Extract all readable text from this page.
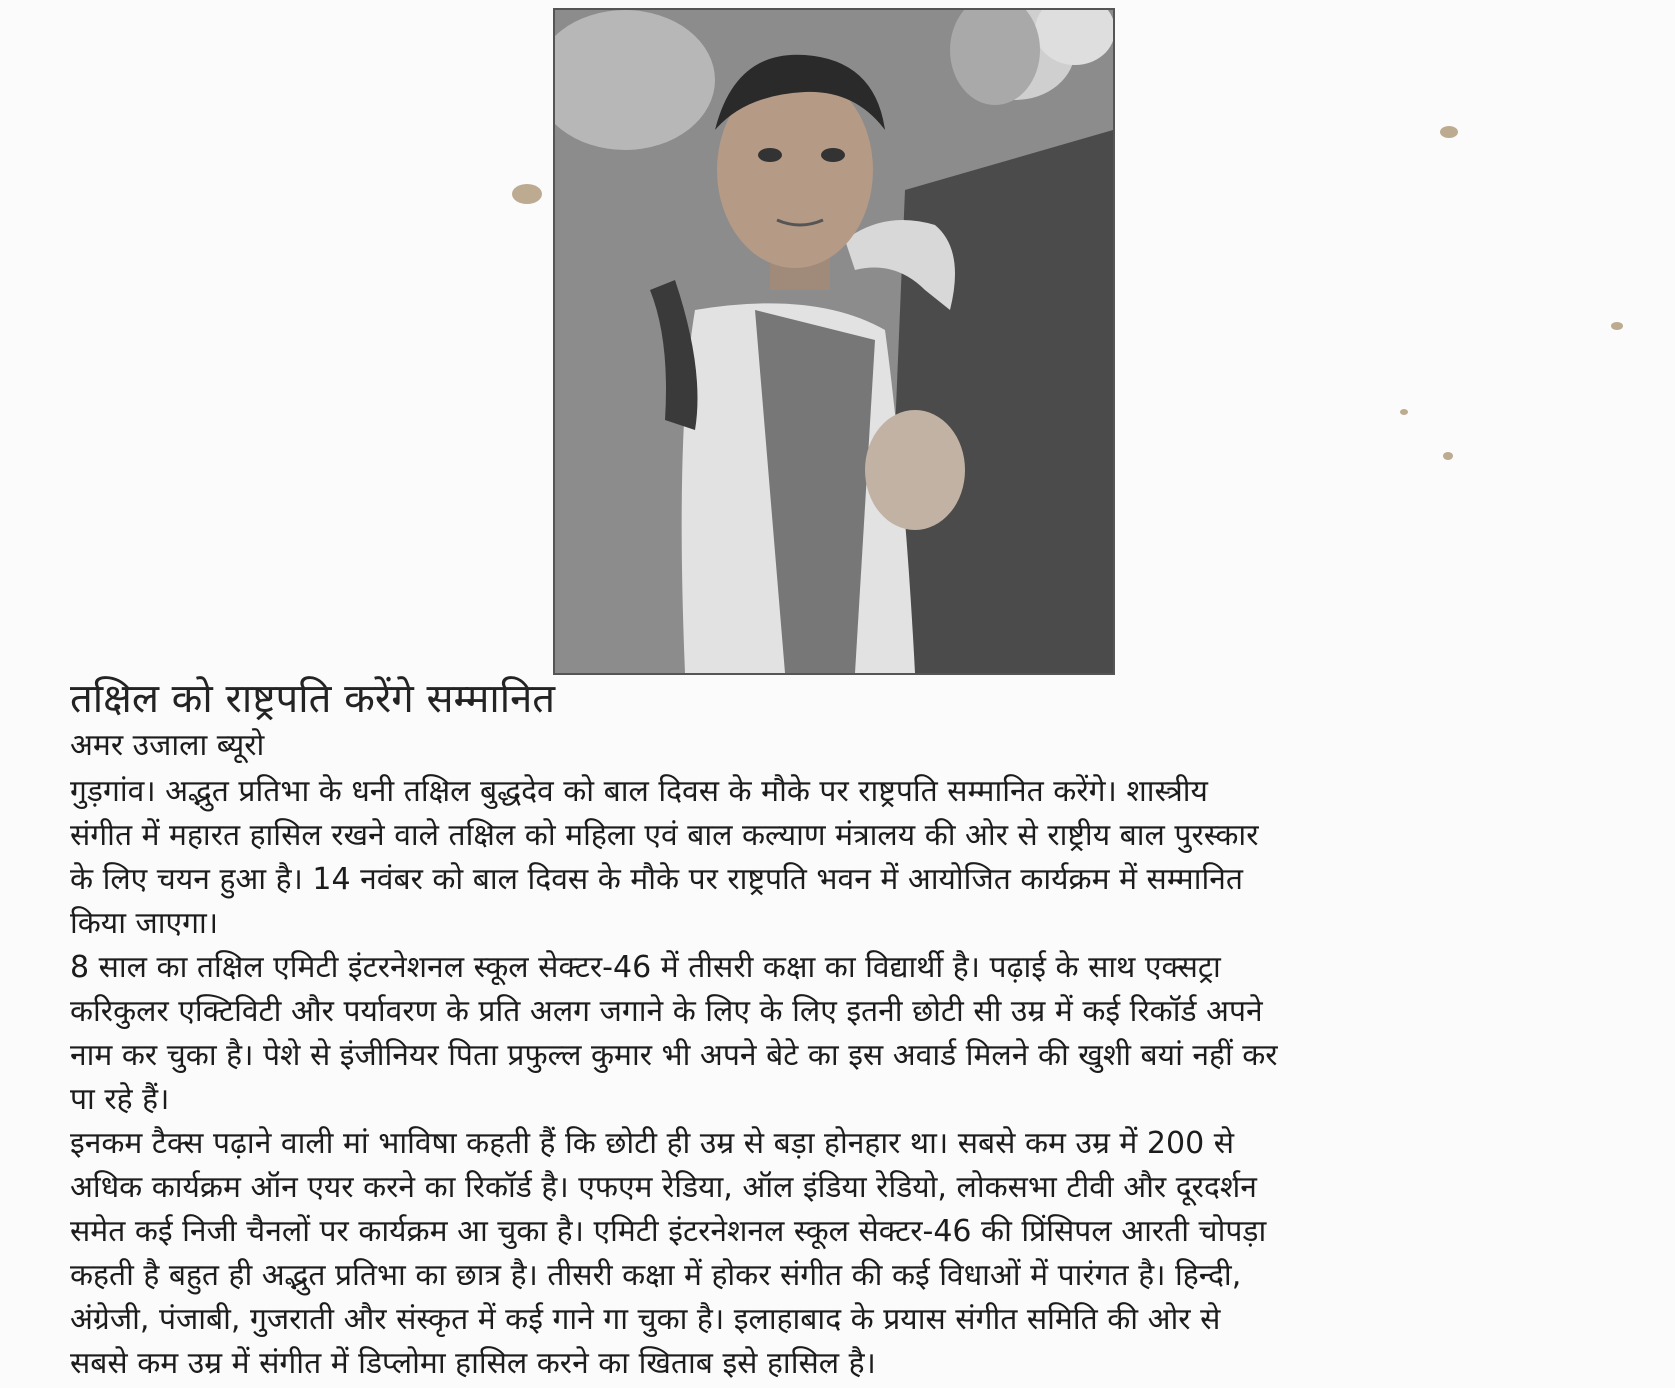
तक्षिल को राष्ट्रपति करेंगे सम्मानित
अमर उजाला ब्यूरो
गुड़गांव। अद्भुत प्रतिभा के धनी तक्षिल बुद्धदेव को बाल दिवस के मौके पर राष्ट्रपति सम्मानित करेंगे। शास्त्रीय
संगीत में महारत हासिल रखने वाले तक्षिल को महिला एवं बाल कल्याण मंत्रालय की ओर से राष्ट्रीय बाल पुरस्कार
के लिए चयन हुआ है। 14 नवंबर को बाल दिवस के मौके पर राष्ट्रपति भवन में आयोजित कार्यक्रम में सम्मानित
किया जाएगा।
8 साल का तक्षिल एमिटी इंटरनेशनल स्कूल सेक्टर-46 में तीसरी कक्षा का विद्यार्थी है। पढ़ाई के साथ एक्सट्रा
करिकुलर एक्टिविटी और पर्यावरण के प्रति अलग जगाने के लिए के लिए इतनी छोटी सी उम्र में कई रिकॉर्ड अपने
नाम कर चुका है। पेशे से इंजीनियर पिता प्रफुल्ल कुमार भी अपने बेटे का इस अवार्ड मिलने की खुशी बयां नहीं कर
पा रहे हैं।
इनकम टैक्स पढ़ाने वाली मां भाविषा कहती हैं कि छोटी ही उम्र से बड़ा होनहार था। सबसे कम उम्र में 200 से
अधिक कार्यक्रम ऑन एयर करने का रिकॉर्ड है। एफएम रेडिया, ऑल इंडिया रेडियो, लोकसभा टीवी और दूरदर्शन
समेत कई निजी चैनलों पर कार्यक्रम आ चुका है। एमिटी इंटरनेशनल स्कूल सेक्टर-46 की प्रिंसिपल आरती चोपड़ा
कहती है बहुत ही अद्भुत प्रतिभा का छात्र है। तीसरी कक्षा में होकर संगीत की कई विधाओं में पारंगत है। हिन्दी,
अंग्रेजी, पंजाबी, गुजराती और संस्कृत में कई गाने गा चुका है। इलाहाबाद के प्रयास संगीत समिति की ओर से
सबसे कम उम्र में संगीत में डिप्लोमा हासिल करने का खिताब इसे हासिल है।
